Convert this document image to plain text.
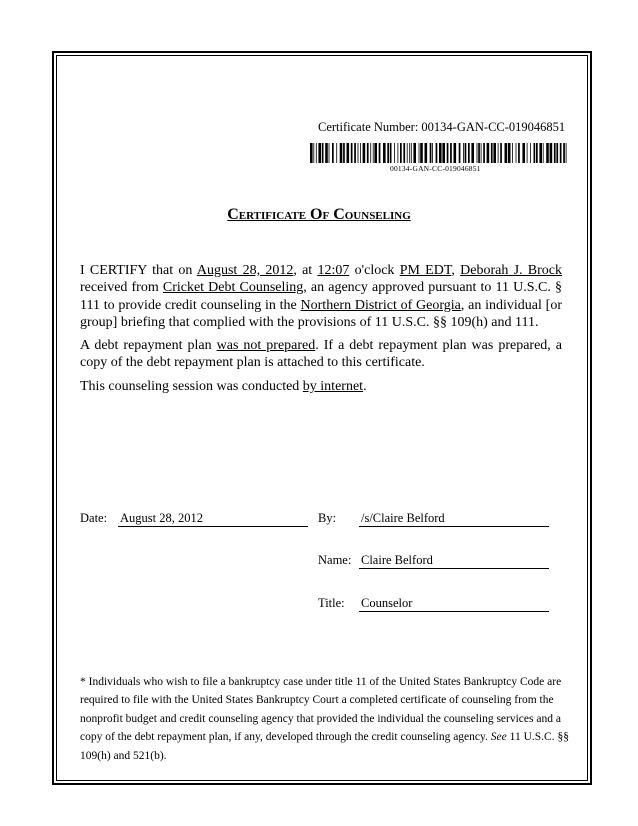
Certificate Number: 00134-GAN-CC-019046851
00134-GAN-CC-019046851
Certificate Of Counseling

I CERTIFY that on August 28, 2012, at 12:07 o'clock PM EDT, Deborah J. Brock received from Cricket Debt Counseling, an agency approved pursuant to 11 U.S.C. § 111 to provide credit counseling in the Northern District of Georgia, an individual [or group] briefing that complied with the provisions of 11 U.S.C. §§ 109(h) and 111.

A debt repayment plan was not prepared. If a debt repayment plan was prepared, a copy of the debt repayment plan is attached to this certificate.

This counseling session was conducted by internet.

Date: August 28, 2012	By: /s/Claire Belford
Name: Claire Belford
Title: Counselor

* Individuals who wish to file a bankruptcy case under title 11 of the United States Bankruptcy Code are required to file with the United States Bankruptcy Court a completed certificate of counseling from the nonprofit budget and credit counseling agency that provided the individual the counseling services and a copy of the debt repayment plan, if any, developed through the credit counseling agency. See 11 U.S.C. §§ 109(h) and 521(b).
